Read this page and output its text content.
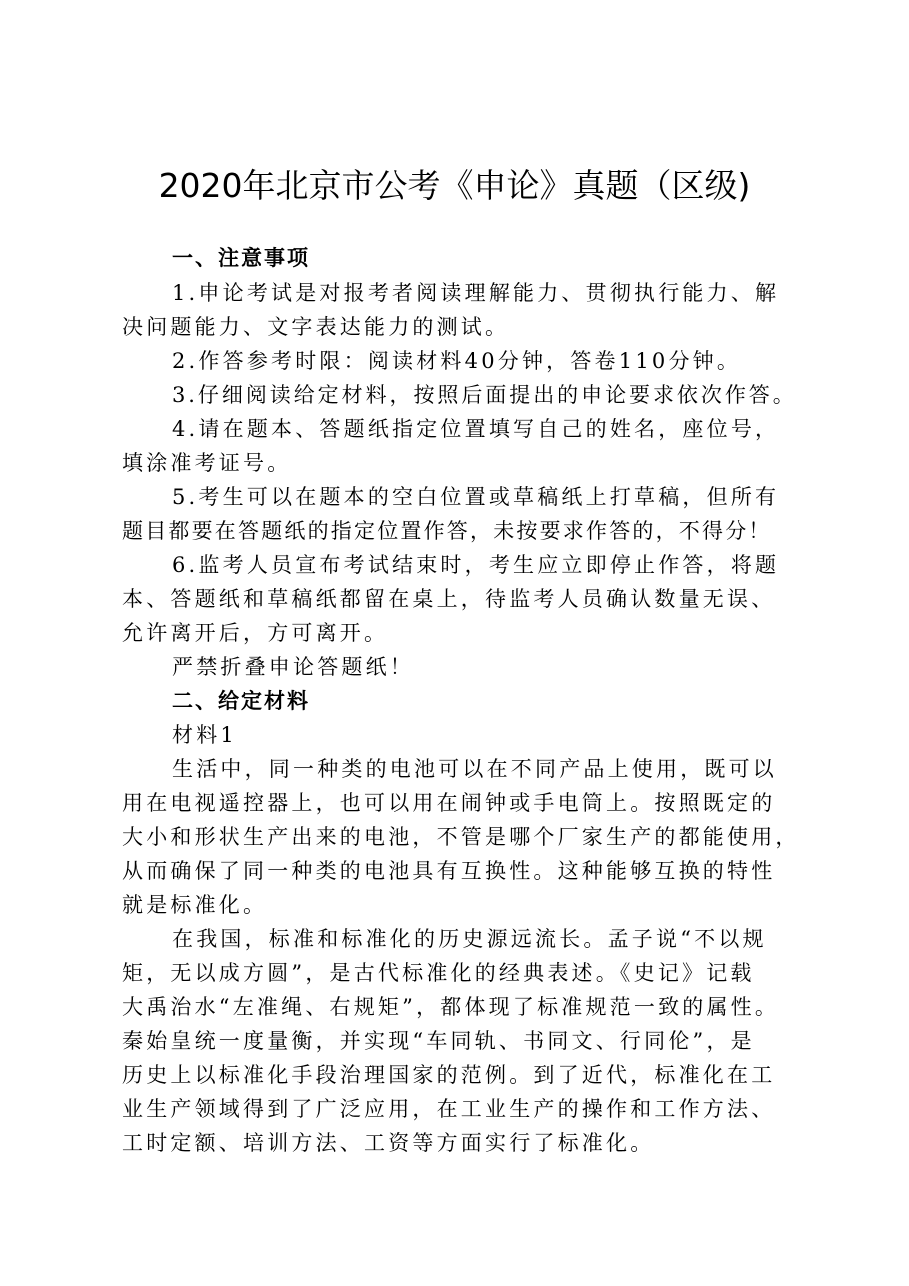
2020年北京市公考《申论》真题（区级)
一、注意事项
1.申论考试是对报考者阅读理解能力、贯彻执行能力、解
决问题能力、文字表达能力的测试。
2.作答参考时限：阅读材料40分钟，答卷110分钟。
3.仔细阅读给定材料，按照后面提出的申论要求依次作答。
4.请在题本、答题纸指定位置填写自己的姓名，座位号，
填涂准考证号。
5.考生可以在题本的空白位置或草稿纸上打草稿，但所有
题目都要在答题纸的指定位置作答，未按要求作答的，不得分！
6.监考人员宣布考试结束时，考生应立即停止作答，将题
本、答题纸和草稿纸都留在桌上，待监考人员确认数量无误、
允许离开后，方可离开。
严禁折叠申论答题纸！
二、给定材料
材料1
生活中，同一种类的电池可以在不同产品上使用，既可以
用在电视遥控器上，也可以用在闹钟或手电筒上。按照既定的
大小和形状生产出来的电池，不管是哪个厂家生产的都能使用，
从而确保了同一种类的电池具有互换性。这种能够互换的特性
就是标准化。
在我国，标准和标准化的历史源远流长。孟子说“不以规
矩，无以成方圆”，是古代标准化的经典表述。《史记》记载
大禹治水“左准绳、右规矩”，都体现了标准规范一致的属性。
秦始皇统一度量衡，并实现“车同轨、书同文、行同伦”，是
历史上以标准化手段治理国家的范例。到了近代，标准化在工
业生产领域得到了广泛应用，在工业生产的操作和工作方法、
工时定额、培训方法、工资等方面实行了标准化。
